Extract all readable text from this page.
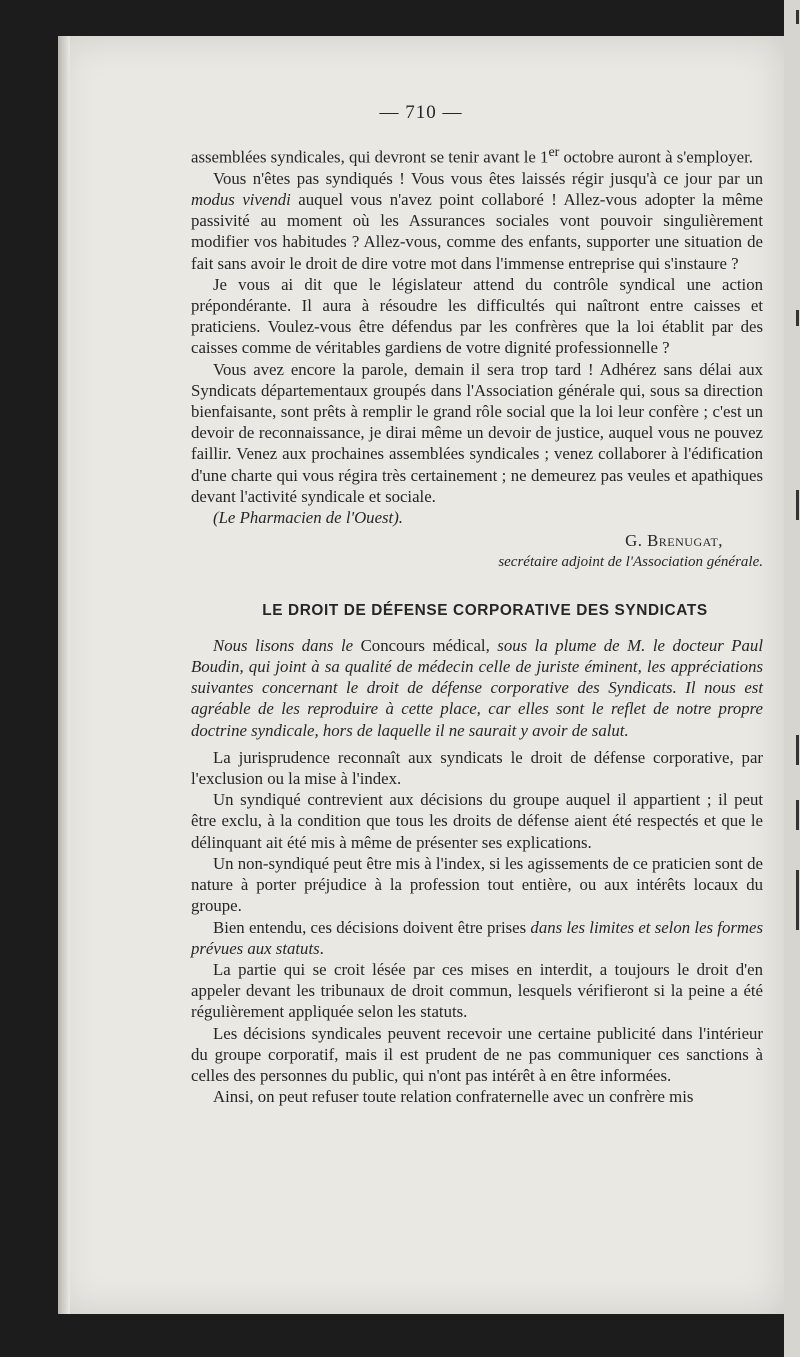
— 710 —

assemblées syndicales, qui devront se tenir avant le 1er octobre auront à s'employer.

Vous n'êtes pas syndiqués ! Vous vous êtes laissés régir jusqu'à ce jour par un modus vivendi auquel vous n'avez point collaboré ! Allez-vous adopter la même passivité au moment où les Assurances sociales vont pouvoir singulièrement modifier vos habitudes ? Allez-vous, comme des enfants, supporter une situation de fait sans avoir le droit de dire votre mot dans l'immense entreprise qui s'instaure ?

Je vous ai dit que le législateur attend du contrôle syndical une action prépondérante. Il aura à résoudre les difficultés qui naîtront entre caisses et praticiens. Voulez-vous être défendus par les confrères que la loi établit par des caisses comme de véritables gardiens de votre dignité professionnelle ?

Vous avez encore la parole, demain il sera trop tard ! Adhérez sans délai aux Syndicats départementaux groupés dans l'Association générale qui, sous sa direction bienfaisante, sont prêts à remplir le grand rôle social que la loi leur confère ; c'est un devoir de reconnaissance, je dirai même un devoir de justice, auquel vous ne pouvez faillir. Venez aux prochaines assemblées syndicales ; venez collaborer à l'édification d'une charte qui vous régira très certainement ; ne demeurez pas veules et apathiques devant l'activité syndicale et sociale.

(Le Pharmacien de l'Ouest).

G. Brenugat,
secrétaire adjoint de l'Association générale.
LE DROIT DE DÉFENSE CORPORATIVE DES SYNDICATS

Nous lisons dans le Concours médical, sous la plume de M. le docteur Paul Boudin, qui joint à sa qualité de médecin celle de juriste éminent, les appréciations suivantes concernant le droit de défense corporative des Syndicats. Il nous est agréable de les reproduire à cette place, car elles sont le reflet de notre propre doctrine syndicale, hors de laquelle il ne saurait y avoir de salut.

La jurisprudence reconnaît aux syndicats le droit de défense corporative, par l'exclusion ou la mise à l'index.

Un syndiqué contrevient aux décisions du groupe auquel il appartient ; il peut être exclu, à la condition que tous les droits de défense aient été respectés et que le délinquant ait été mis à même de présenter ses explications.

Un non-syndiqué peut être mis à l'index, si les agissements de ce praticien sont de nature à porter préjudice à la profession tout entière, ou aux intérêts locaux du groupe.

Bien entendu, ces décisions doivent être prises dans les limites et selon les formes prévues aux statuts.

La partie qui se croit lésée par ces mises en interdit, a toujours le droit d'en appeler devant les tribunaux de droit commun, lesquels vérifieront si la peine a été régulièrement appliquée selon les statuts.

Les décisions syndicales peuvent recevoir une certaine publicité dans l'intérieur du groupe corporatif, mais il est prudent de ne pas communiquer ces sanctions à celles des personnes du public, qui n'ont pas intérêt à en être informées.

Ainsi, on peut refuser toute relation confraternelle avec un confrère mis
